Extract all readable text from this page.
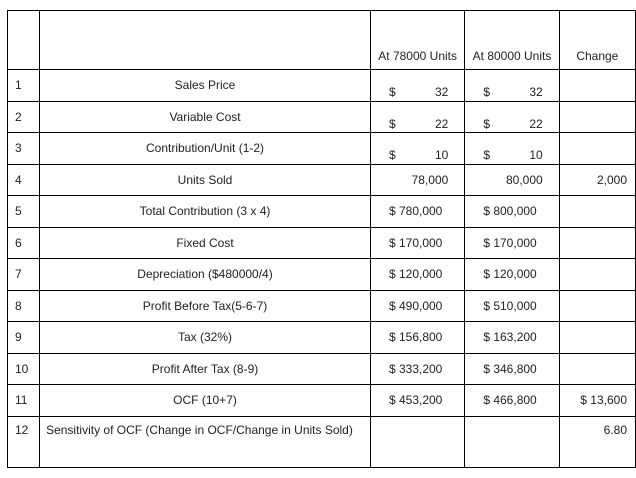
		At 78000 Units	At 80000 Units	Change
1	Sales Price	$ 32	$ 32	

2	Variable Cost	$ 22	$ 22	

3	Contribution/Unit (1-2)	$ 10	$ 10	

4	Units Sold	78,000	80,000	2,000
5	Total Contribution (3 x 4)	$ 780,000	$ 800,000	
6	Fixed Cost	$ 170,000	$ 170,000	
7	Depreciation ($480000/4)	$ 120,000	$ 120,000	
8	Profit Before Tax(5-6-7)	$ 490,000	$ 510,000	
9	Tax (32%)	$ 156,800	$ 163,200	
10	Profit After Tax (8-9)	$ 333,200	$ 346,800	
11	OCF (10+7)	$ 453,200	$ 466,800	$ 13,600
12	Sensitivity of OCF (Change in OCF/Change in Units Sold)			6.80
